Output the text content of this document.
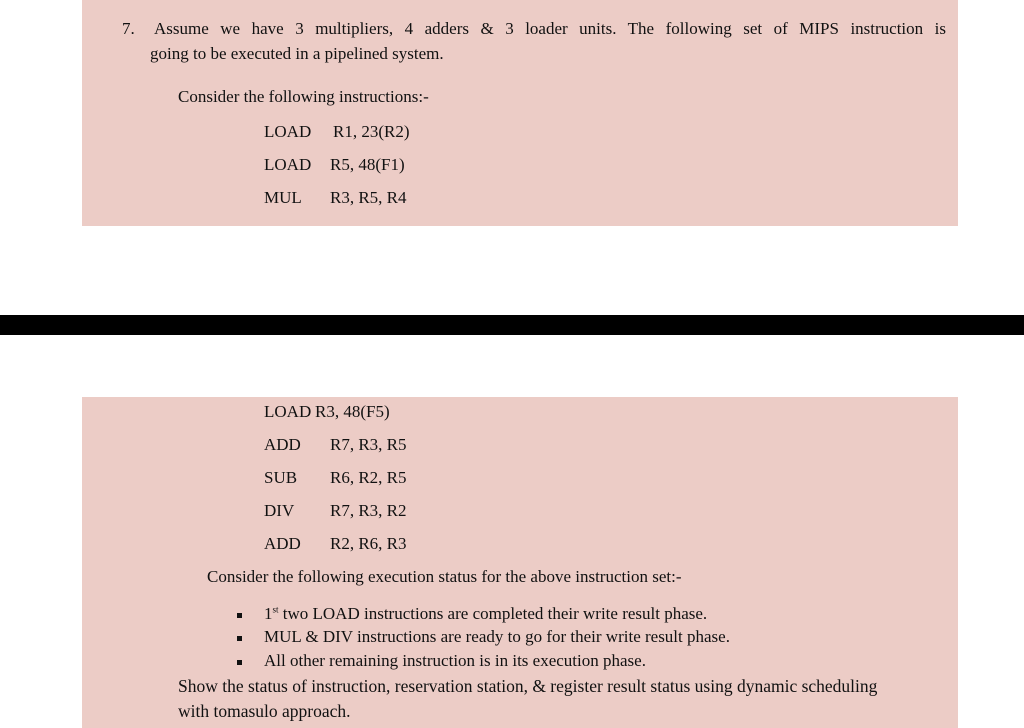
7. Assume we have 3 multipliers, 4 adders & 3 loader units. The following set of MIPS instruction is
going to be executed in a pipelined system.
Consider the following instructions:-
LOAD R1, 23(R2)
LOAD R5, 48(F1)
MUL R3, R5, R4
LOAD R3, 48(F5)
ADD R7, R3, R5
SUB R6, R2, R5
DIV R7, R3, R2
ADD R2, R6, R3
Consider the following execution status for the above instruction set:-
1st two LOAD instructions are completed their write result phase.
MUL & DIV instructions are ready to go for their write result phase.
All other remaining instruction is in its execution phase.
Show the status of instruction, reservation station, & register result status using dynamic scheduling
with tomasulo approach.
